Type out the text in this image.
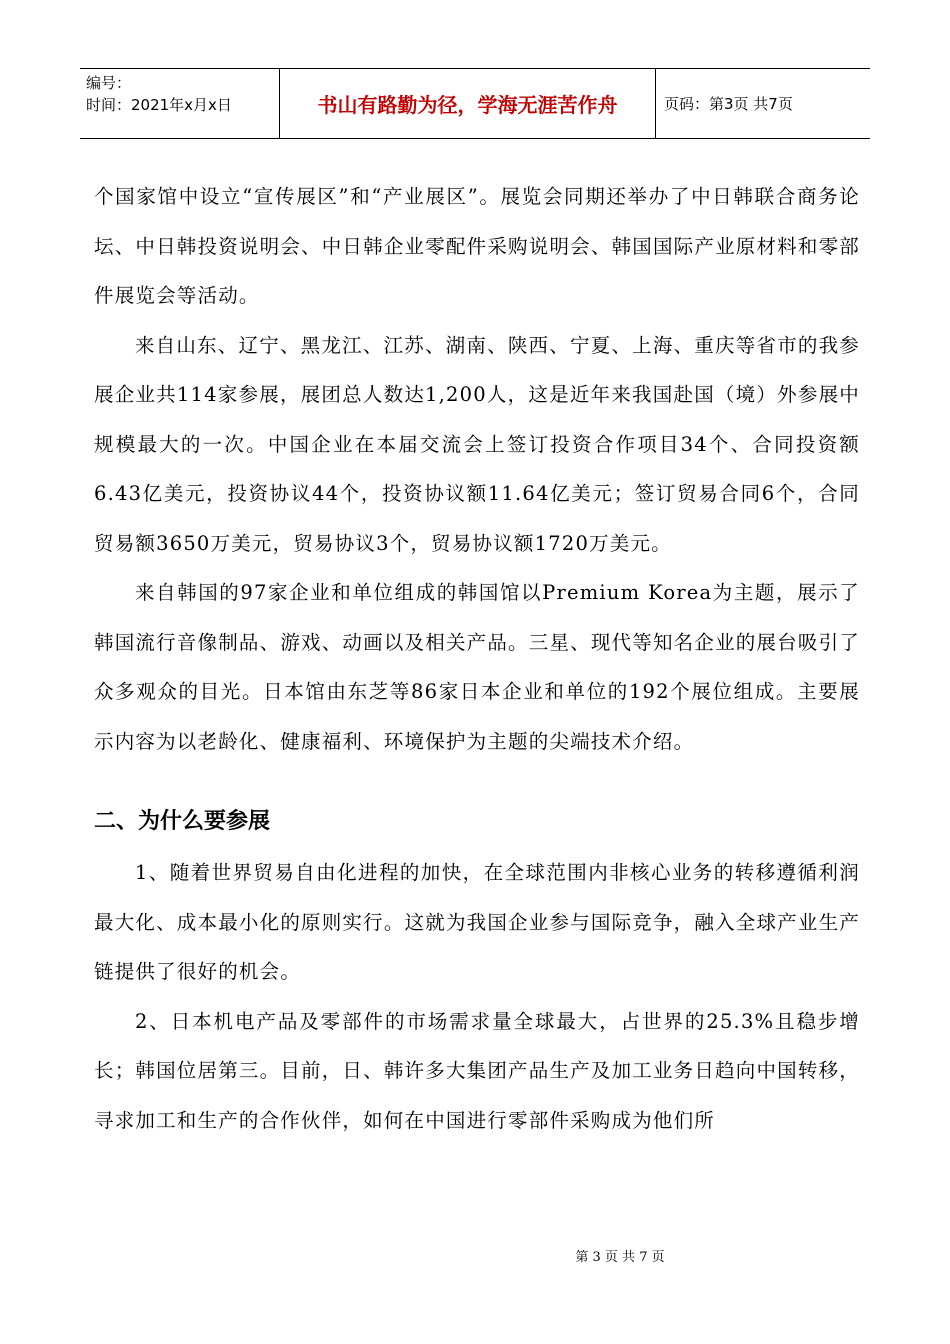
编号：
时间：2021年x月x日	书山有路勤为径，学海无涯苦作舟	页码：第3页 共7页

个国家馆中设立“宣传展区”和“产业展区”。展览会同期还举办了中日韩联合商务论坛、中日韩投资说明会、中日韩企业零配件采购说明会、韩国国际产业原材料和零部件展览会等活动。

来自山东、辽宁、黑龙江、江苏、湖南、陕西、宁夏、上海、重庆等省市的我参展企业共114家参展，展团总人数达1,200人，这是近年来我国赴国（境）外参展中规模最大的一次。中国企业在本届交流会上签订投资合作项目34个、合同投资额6.43亿美元，投资协议44个，投资协议额11.64亿美元；签订贸易合同6个，合同贸易额3650万美元，贸易协议3个，贸易协议额1720万美元。

来自韩国的97家企业和单位组成的韩国馆以Premium Korea为主题，展示了韩国流行音像制品、游戏、动画以及相关产品。三星、现代等知名企业的展台吸引了众多观众的目光。日本馆由东芝等86家日本企业和单位的192个展位组成。主要展示内容为以老龄化、健康福利、环境保护为主题的尖端技术介绍。

二、为什么要参展

1、随着世界贸易自由化进程的加快，在全球范围内非核心业务的转移遵循利润最大化、成本最小化的原则实行。这就为我国企业参与国际竞争，融入全球产业生产链提供了很好的机会。

2、日本机电产品及零部件的市场需求量全球最大，占世界的25.3%且稳步增长；韩国位居第三。目前，日、韩许多大集团产品生产及加工业务日趋向中国转移，寻求加工和生产的合作伙伴，如何在中国进行零部件采购成为他们所

第 3 页 共 7 页
